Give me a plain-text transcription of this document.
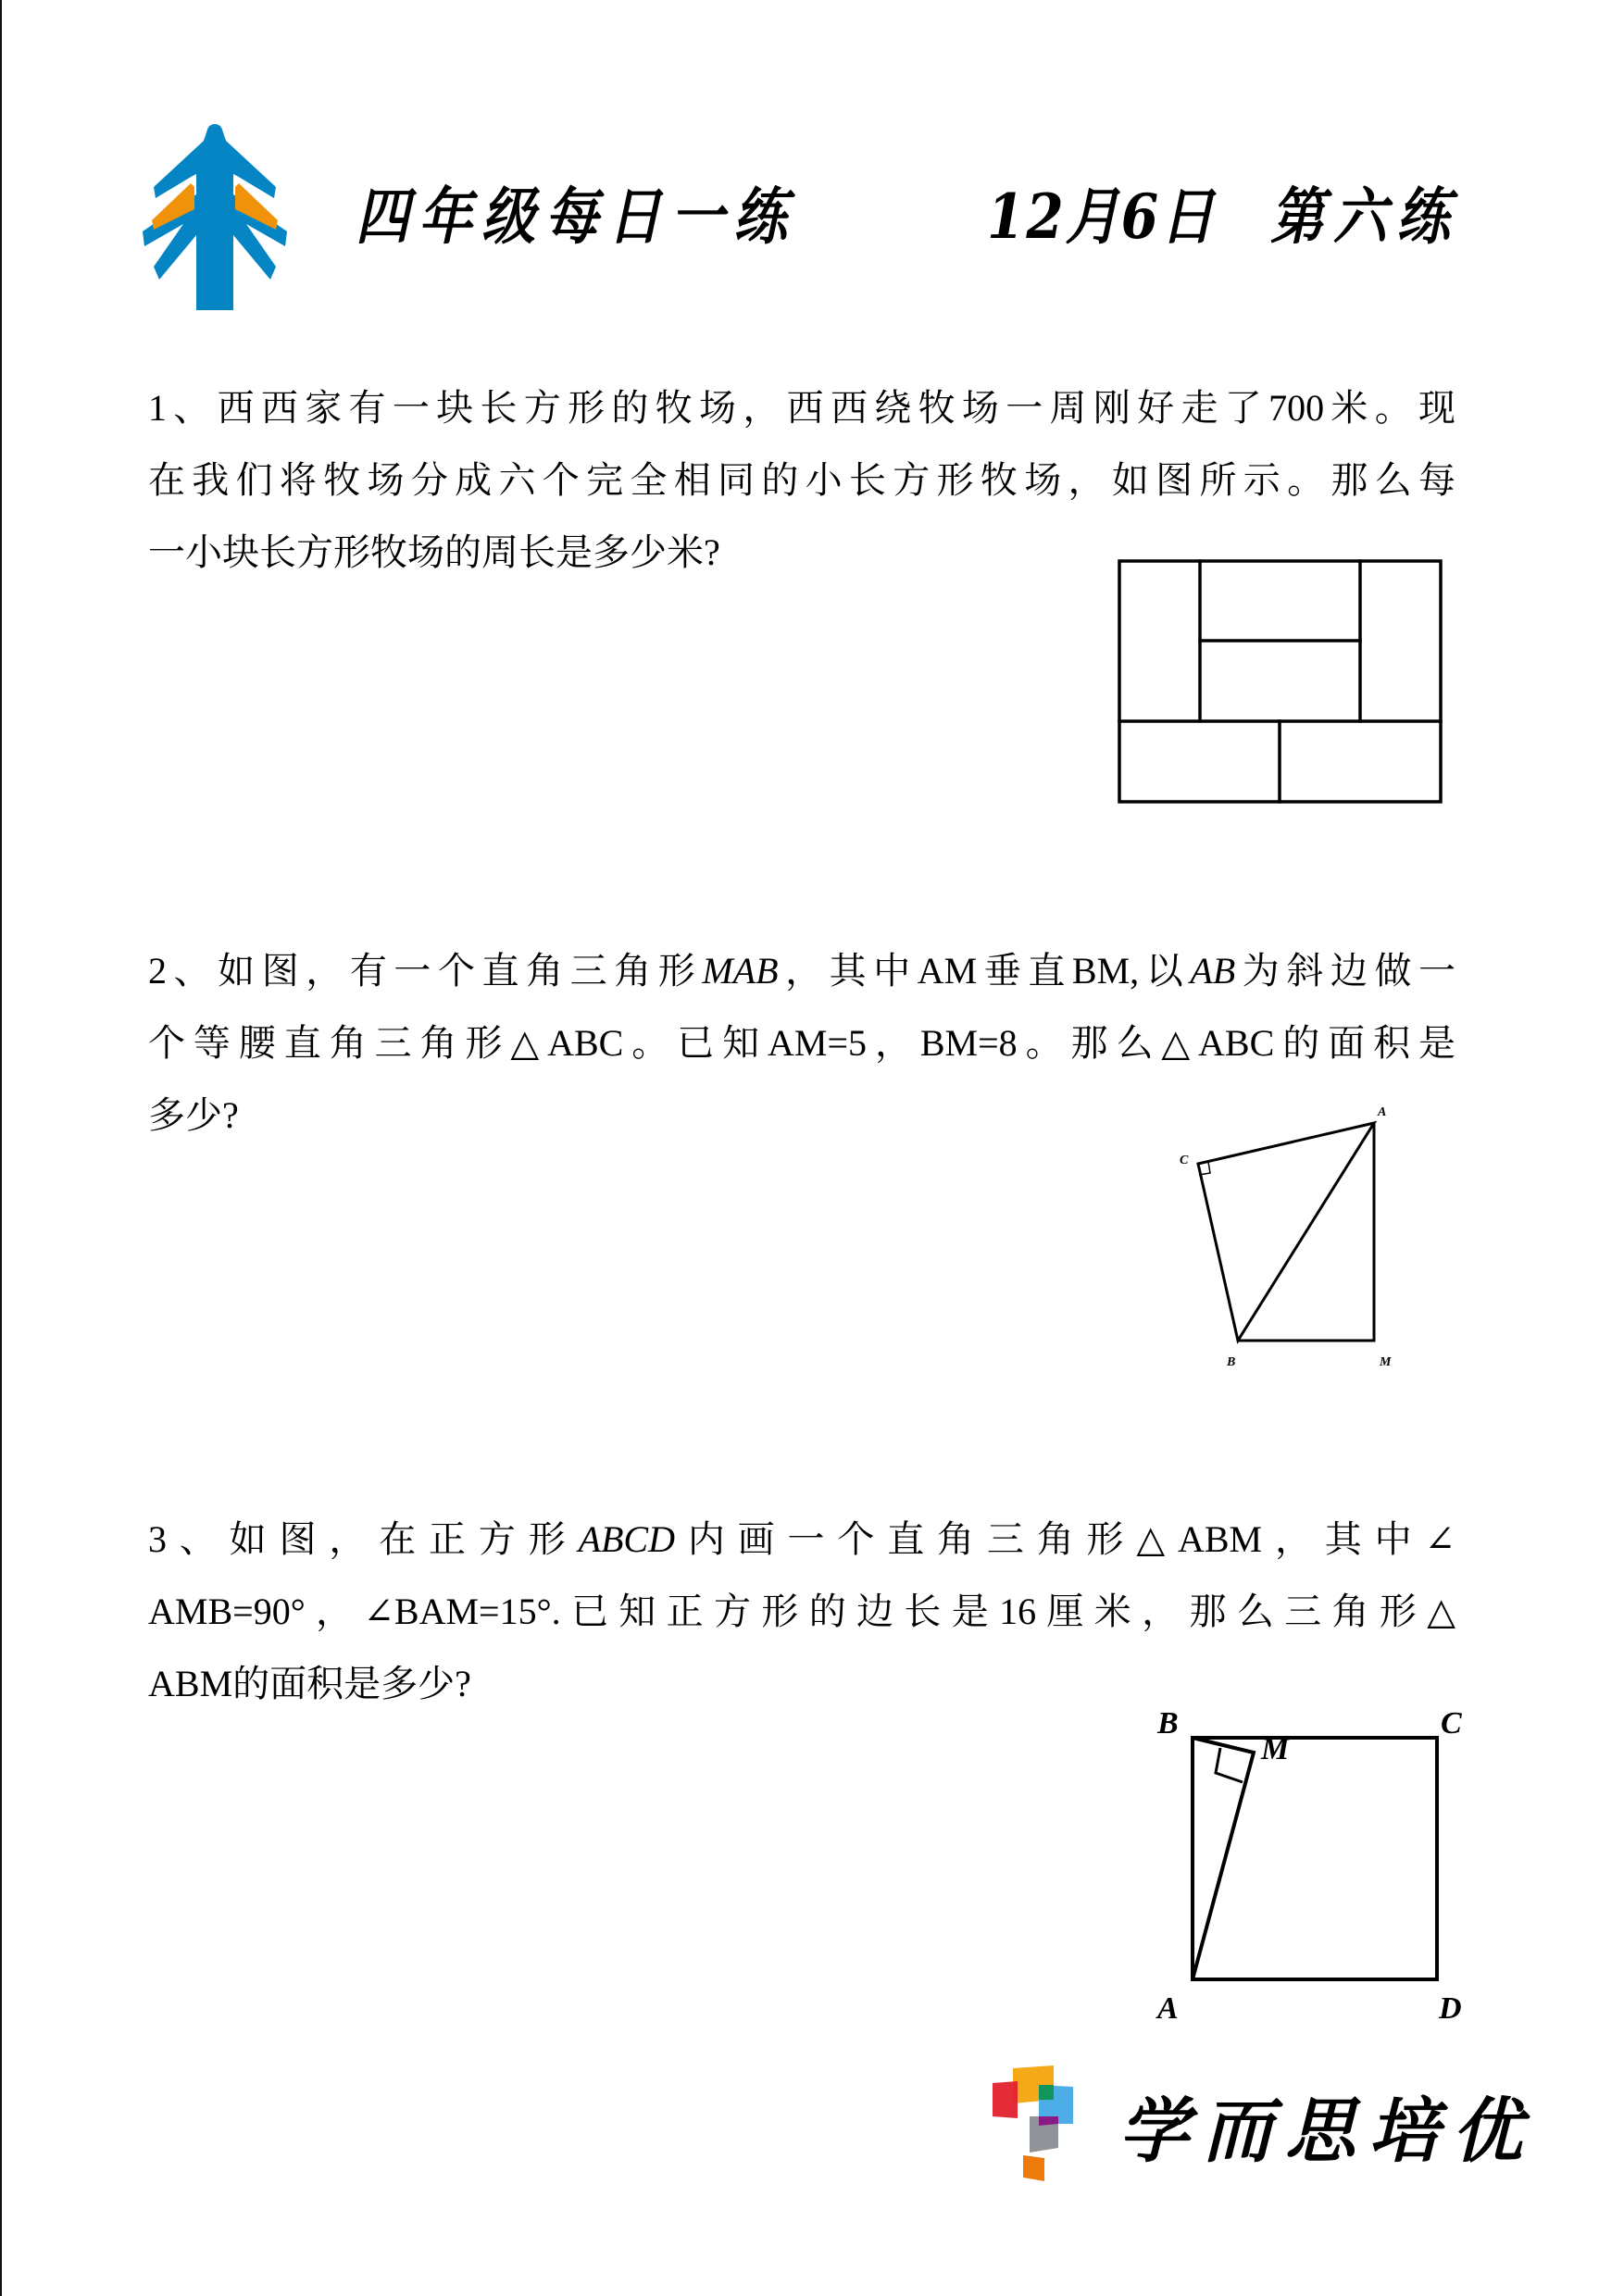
四年级每日一练	12月6日 第六练
1、西西家有一块长方形的牧场，西西绕牧场一周刚好走了700米。现
在我们将牧场分成六个完全相同的小长方形牧场，如图所示。那么每
一小块长方形牧场的周长是多少米?
2、如图，有一个直角三角形MAB，其中AM垂直BM,以AB为斜边做一
个等腰直角三角形△ABC。已知AM=5，BM=8。那么△ABC的面积是
多少?	A
C
B	M
3、如图，在正方形ABCD内画一个直角三角形△ABM，其中∠
AMB=90°，∠BAM=15°.已知正方形的边长是16厘米，那么三角形△
ABM的面积是多少?
B	C
M
A	D
学而思培优
